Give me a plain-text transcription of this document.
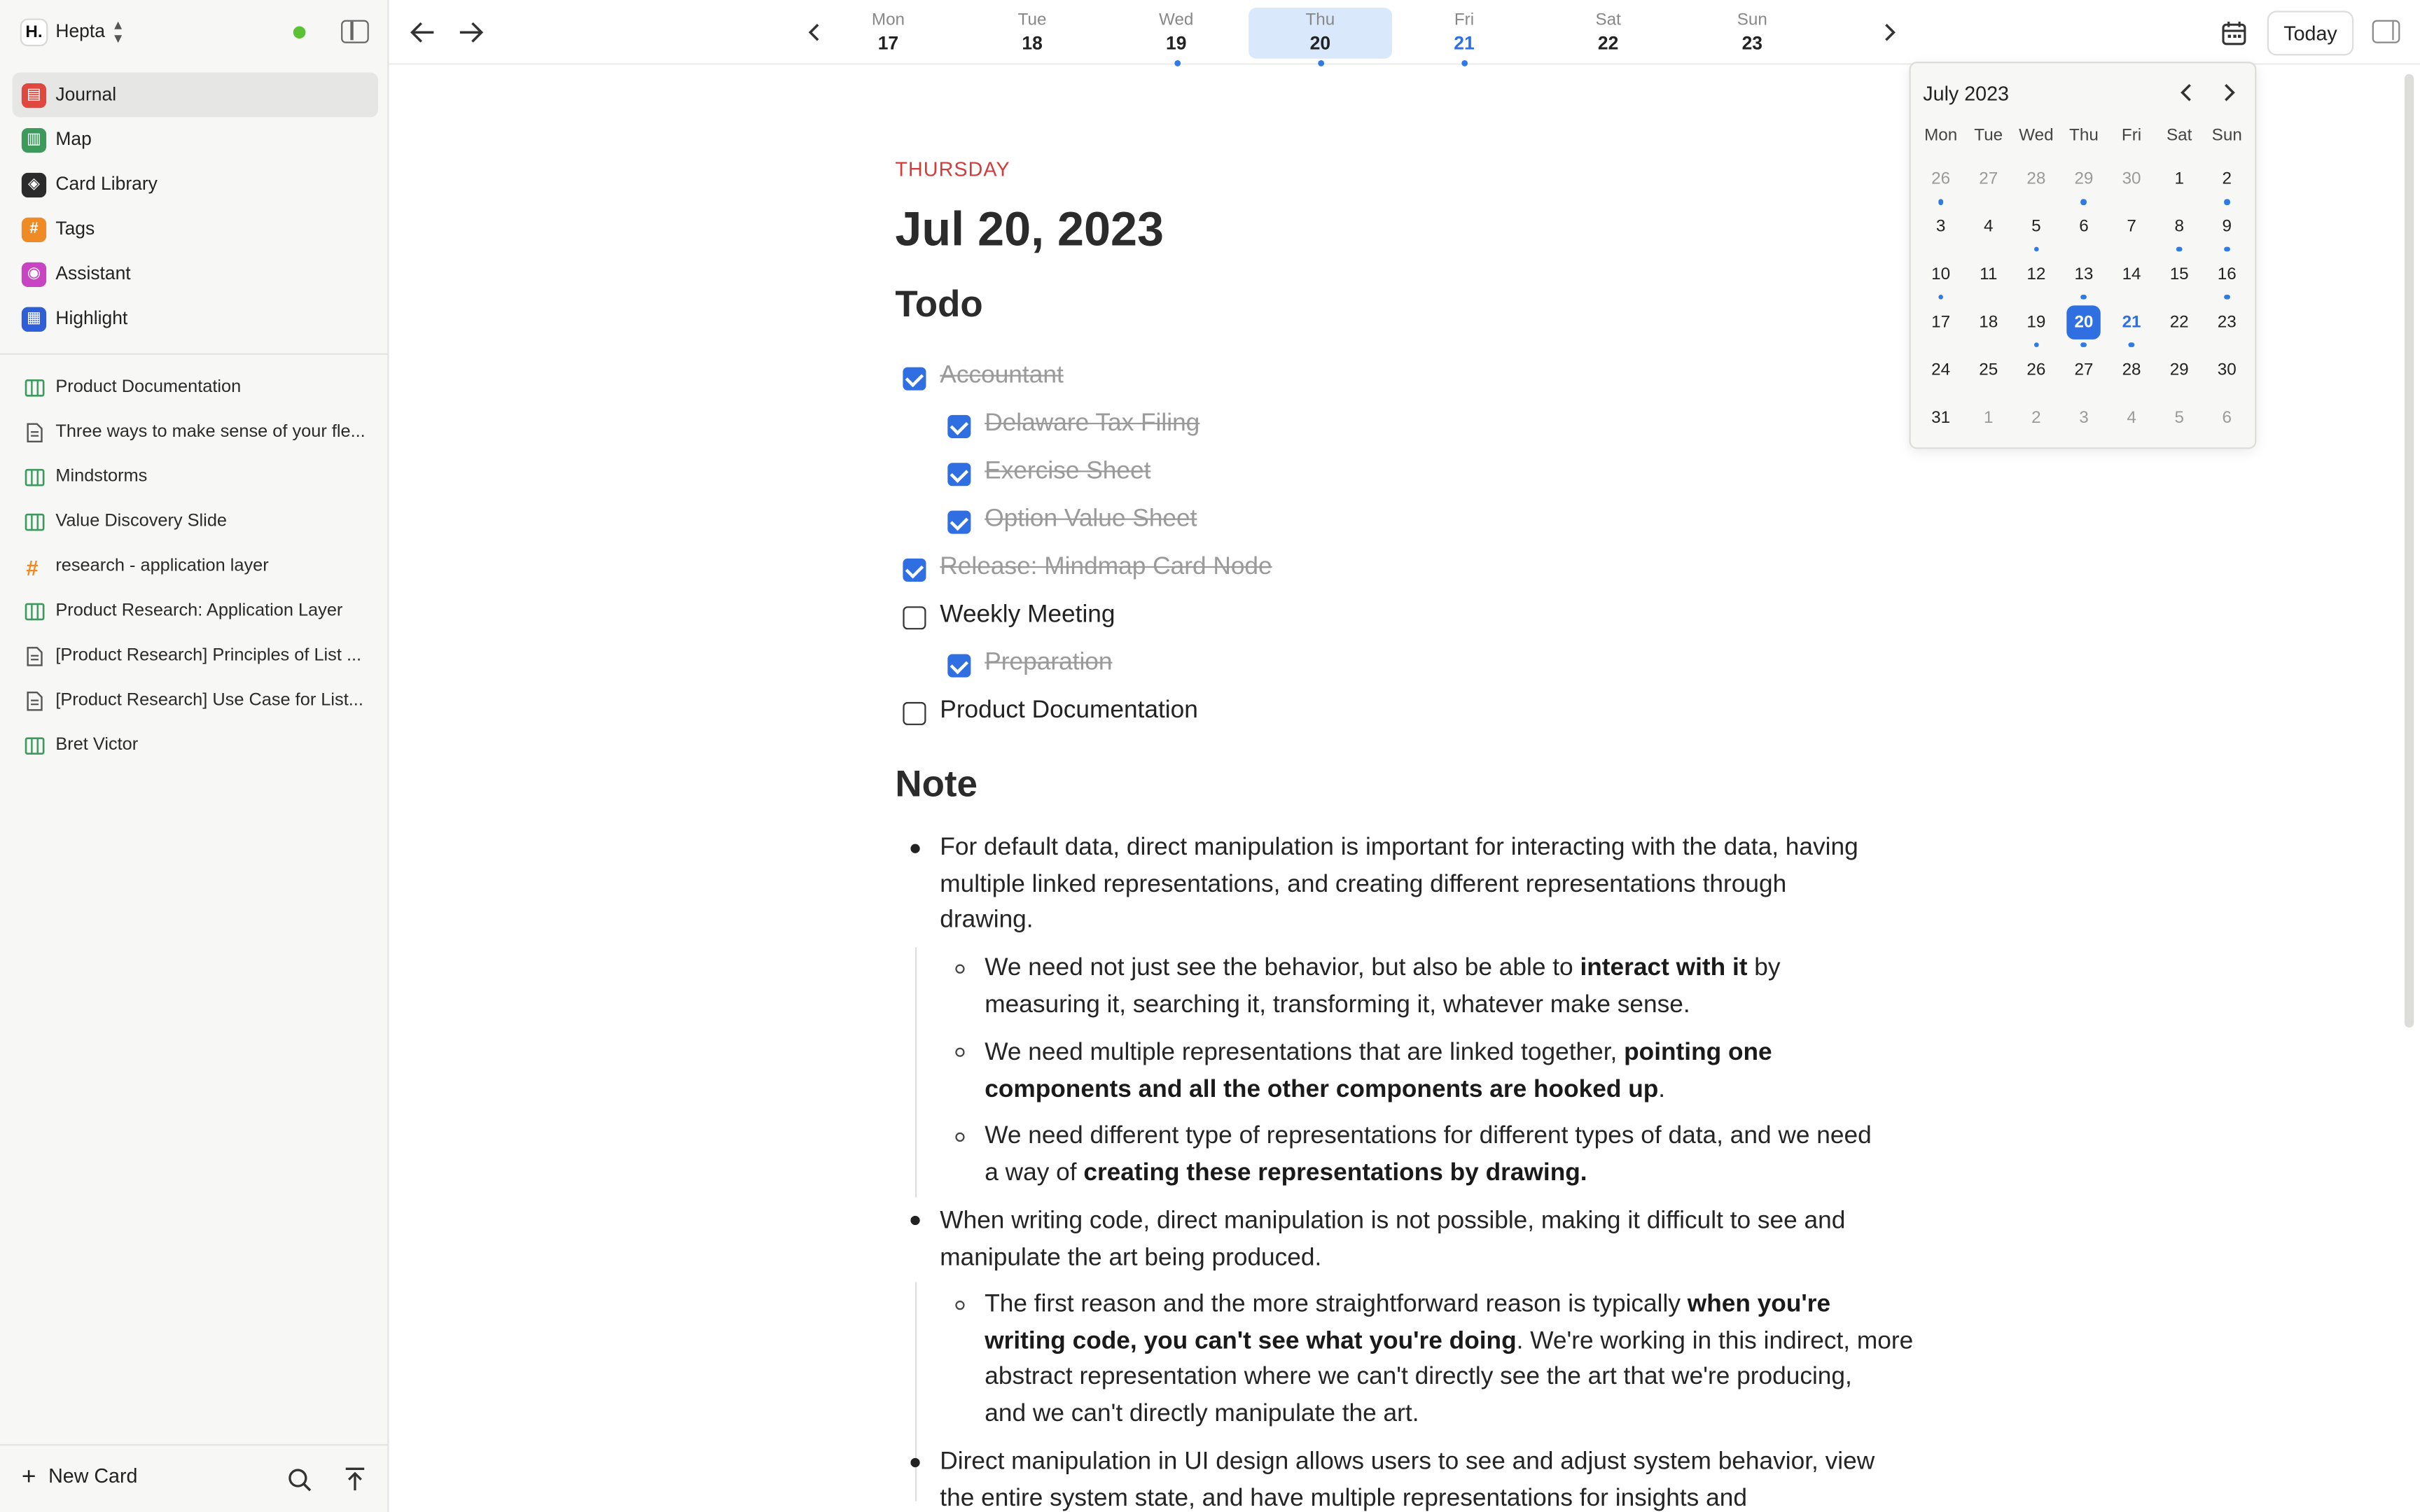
H.	Hepta ▴
▾
▤	Journal
▥	Map
◈	Card Library
#	Tags
◉	Assistant
▦	Highlight
Product Documentation
Three ways to make sense of your fle...
Mindstorms
Value Discovery Slide
# research - application layer
Product Research: Application Layer
[Product Research] Principles of List ...
[Product Research] Use Case for List...
Bret Victor
+ New Card
Mon
17
Tue
18
Wed
19
Thu
20
Fri
21
Sat
22
Sun
23	Today
THURSDAY
Jul 20, 2023
Todo
Accountant
Delaware Tax Filing
Exercise Sheet
Option Value Sheet
Release: Mindmap Card Node
Weekly Meeting
Preparation
Product Documentation
Note
For default data, direct manipulation is important for interacting with the data, having
multiple linked representations, and creating different representations through
drawing.
We need not just see the behavior, but also be able to interact with it by
measuring it, searching it, transforming it, whatever make sense.
We need multiple representations that are linked together, pointing one
components and all the other components are hooked up.
We need different type of representations for different types of data, and we need
a way of creating these representations by drawing.
When writing code, direct manipulation is not possible, making it difficult to see and
manipulate the art being produced.
The first reason and the more straightforward reason is typically when you're
writing code, you can't see what you're doing. We're working in this indirect, more
abstract representation where we can't directly see the art that we're producing,
and we can't directly manipulate the art.
Direct manipulation in UI design allows users to see and adjust system behavior, view
the entire system state, and have multiple representations for insights and
July 2023
Mon	Tue	Wed	Thu	Fri	Sat	Sun
26	27	28	29	30	1	2
3	4	5	6	7	8	9
10	11	12	13	14	15	16
17	18	19	20	21	22	23
24	25	26	27	28	29	30
31	1	2	3	4	5	6
